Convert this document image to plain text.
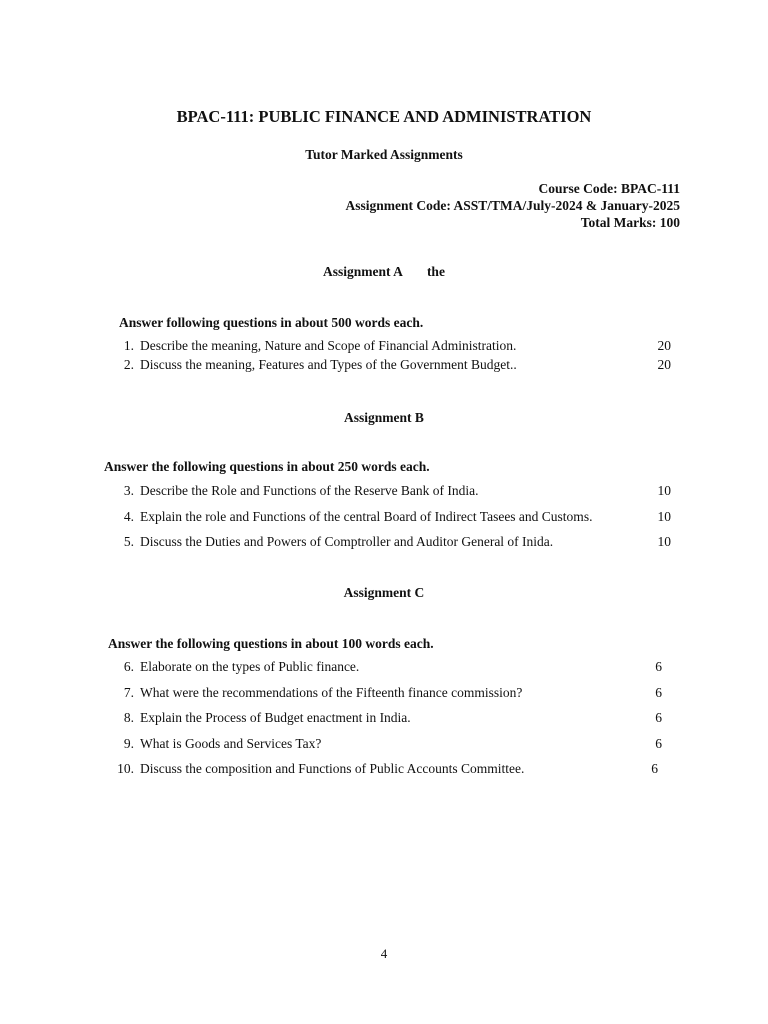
BPAC-111: PUBLIC FINANCE AND ADMINISTRATION
Tutor Marked Assignments
Course Code: BPAC-111
Assignment Code: ASST/TMA/July-2024 & January-2025
Total Marks: 100
Assignment A the
Answer following questions in about 500 words each.
1. Describe the meaning, Nature and Scope of Financial Administration.	20
2. Discuss the meaning, Features and Types of the Government Budget..	20
Assignment B
Answer the following questions in about 250 words each.
3. Describe the Role and Functions of the Reserve Bank of India.	10
4. Explain the role and Functions of the central Board of Indirect Tasees and Customs.	10
5. Discuss the Duties and Powers of Comptroller and Auditor General of Inida.	10
Assignment C
Answer the following questions in about 100 words each.
6. Elaborate on the types of Public finance.	6
7. What were the recommendations of the Fifteenth finance commission?	6
8. Explain the Process of Budget enactment in India.	6
9. What is Goods and Services Tax?	6
10. Discuss the composition and Functions of Public Accounts Committee.	6
4
